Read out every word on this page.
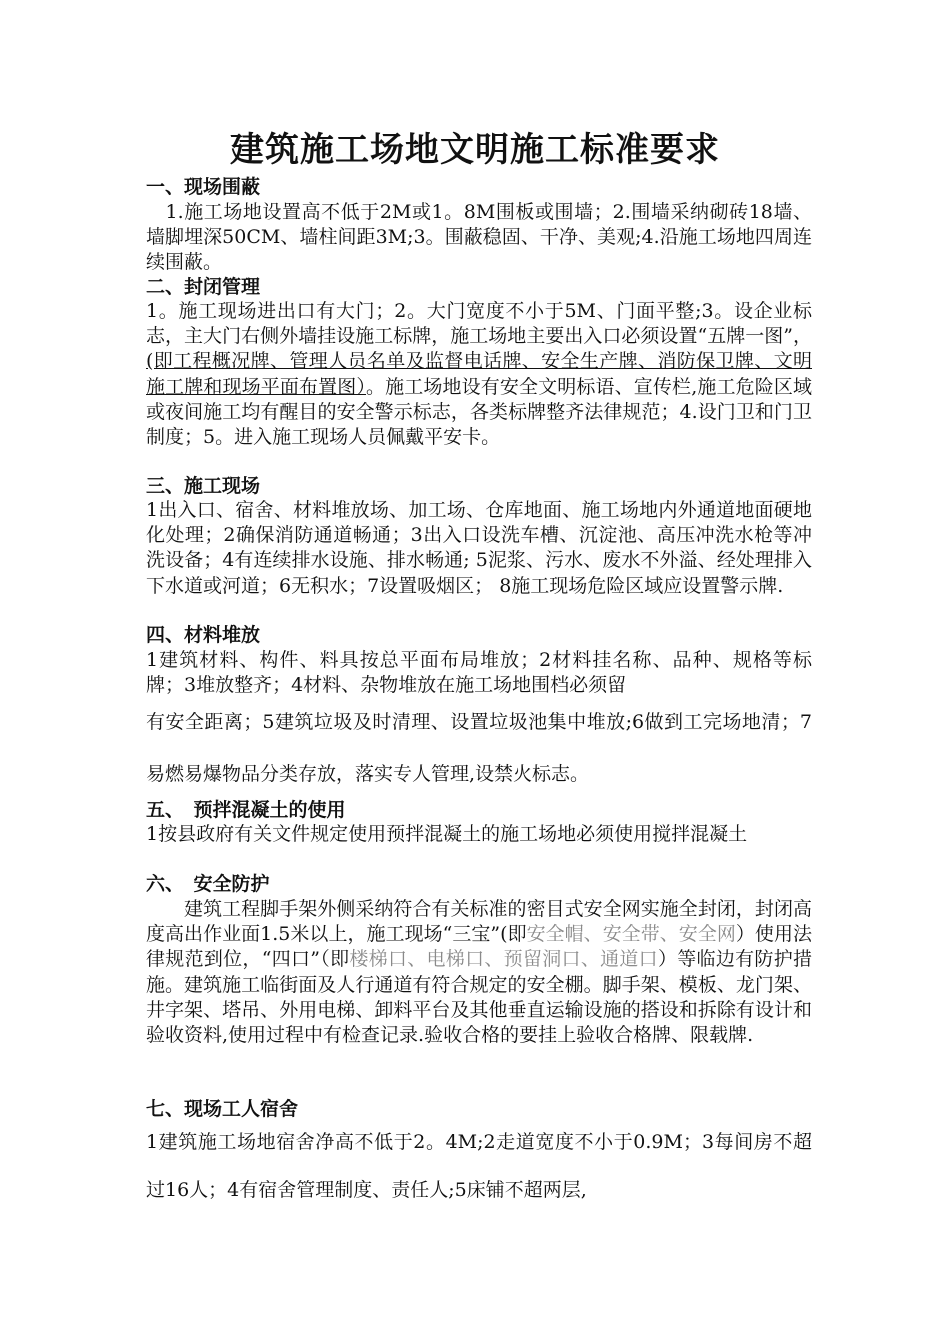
建筑施工场地文明施工标准要求
一、现场围蔽

　1.施工场地设置高不低于2M或1。8M围板或围墙；2.围墙采纳砌砖18墙、墙脚埋深50CM、墙柱间距3M;3。围蔽稳固、干净、美观;4.沿施工场地四周连续围蔽。

二、封闭管理

1。施工现场进出口有大门；2。大门宽度不小于5M、门面平整;3。设企业标志，主大门右侧外墙挂设施工标牌，施工场地主要出入口必须设置“五牌一图”，(即工程概况牌、管理人员名单及监督电话牌、安全生产牌、消防保卫牌、文明施工牌和现场平面布置图）。施工场地设有安全文明标语、宣传栏,施工危险区域或夜间施工均有醒目的安全警示标志，各类标牌整齐法律规范；4.设门卫和门卫制度；5。进入施工现场人员佩戴平安卡。

三、施工现场

1出入口、宿舍、材料堆放场、加工场、仓库地面、施工场地内外通道地面硬地化处理；2确保消防通道畅通；3出入口设洗车槽、沉淀池、高压冲洗水枪等冲洗设备；4有连续排水设施、排水畅通; 5泥浆、污水、废水不外溢、经处理排入下水道或河道；6无积水；7设置吸烟区； 8施工现场危险区域应设置警示牌.

四、材料堆放

1建筑材料、构件、料具按总平面布局堆放；2材料挂名称、品种、规格等标牌；3堆放整齐；4材料、杂物堆放在施工场地围档必须留

有安全距离；5建筑垃圾及时清理、设置垃圾池集中堆放;6做到工完场地清；7易燃易爆物品分类存放，落实专人管理,设禁火标志。

五、　预拌混凝土的使用

1按县政府有关文件规定使用预拌混凝土的施工场地必须使用搅拌混凝土

六、　安全防护

　　建筑工程脚手架外侧采纳符合有关标准的密目式安全网实施全封闭，封闭高度高出作业面1.5米以上，施工现场“三宝”(即安全帽、安全带、安全网）使用法律规范到位，“四口”（即楼梯口、电梯口、预留洞口、通道口）等临边有防护措施。建筑施工临街面及人行通道有符合规定的安全棚。脚手架、模板、龙门架、井字架、塔吊、外用电梯、卸料平台及其他垂直运输设施的搭设和拆除有设计和验收资料,使用过程中有检查记录.验收合格的要挂上验收合格牌、限载牌.

七、现场工人宿舍

1建筑施工场地宿舍净高不低于2。4M;2走道宽度不小于0.9M；3每间房不超过16人；4有宿舍管理制度、责任人;5床铺不超两层,
